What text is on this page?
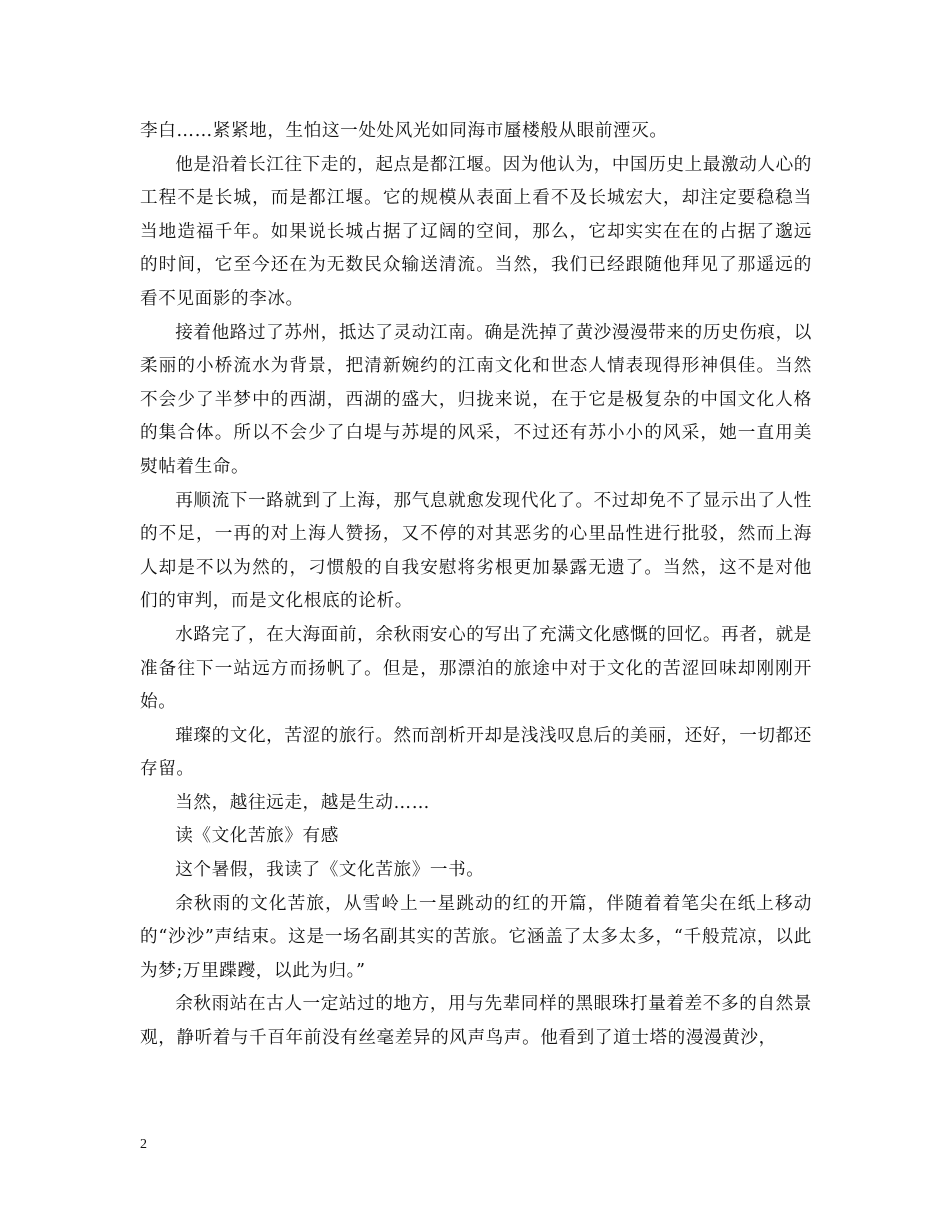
李白……紧紧地，生怕这一处处风光如同海市蜃楼般从眼前湮灭。

他是沿着长江往下走的，起点是都江堰。因为他认为，中国历史上最激动人心的工程不是长城，而是都江堰。它的规模从表面上看不及长城宏大，却注定要稳稳当当地造福千年。如果说长城占据了辽阔的空间，那么，它却实实在在的占据了邈远的时间，它至今还在为无数民众输送清流。当然，我们已经跟随他拜见了那遥远的看不见面影的李冰。

接着他路过了苏州，抵达了灵动江南。确是洗掉了黄沙漫漫带来的历史伤痕，以柔丽的小桥流水为背景，把清新婉约的江南文化和世态人情表现得形神俱佳。当然不会少了半梦中的西湖，西湖的盛大，归拢来说，在于它是极复杂的中国文化人格的集合体。所以不会少了白堤与苏堤的风采，不过还有苏小小的风采，她一直用美熨帖着生命。

再顺流下一路就到了上海，那气息就愈发现代化了。不过却免不了显示出了人性的不足，一再的对上海人赞扬，又不停的对其恶劣的心里品性进行批驳，然而上海人却是不以为然的，刁惯般的自我安慰将劣根更加暴露无遗了。当然，这不是对他们的审判，而是文化根底的论析。

水路完了，在大海面前，余秋雨安心的写出了充满文化感慨的回忆。再者，就是准备往下一站远方而扬帆了。但是，那漂泊的旅途中对于文化的苦涩回味却刚刚开始。

璀璨的文化，苦涩的旅行。然而剖析开却是浅浅叹息后的美丽，还好，一切都还存留。

当然，越往远走，越是生动……

读《文化苦旅》有感

这个暑假，我读了《文化苦旅》一书。

余秋雨的文化苦旅，从雪岭上一星跳动的红的开篇，伴随着着笔尖在纸上移动的“沙沙”声结束。这是一场名副其实的苦旅。它涵盖了太多太多，“千般荒凉，以此为梦;万里蹀躞，以此为归。”

余秋雨站在古人一定站过的地方，用与先辈同样的黑眼珠打量着差不多的自然景观，静听着与千百年前没有丝毫差异的风声鸟声。他看到了道士塔的漫漫黄沙，

2
